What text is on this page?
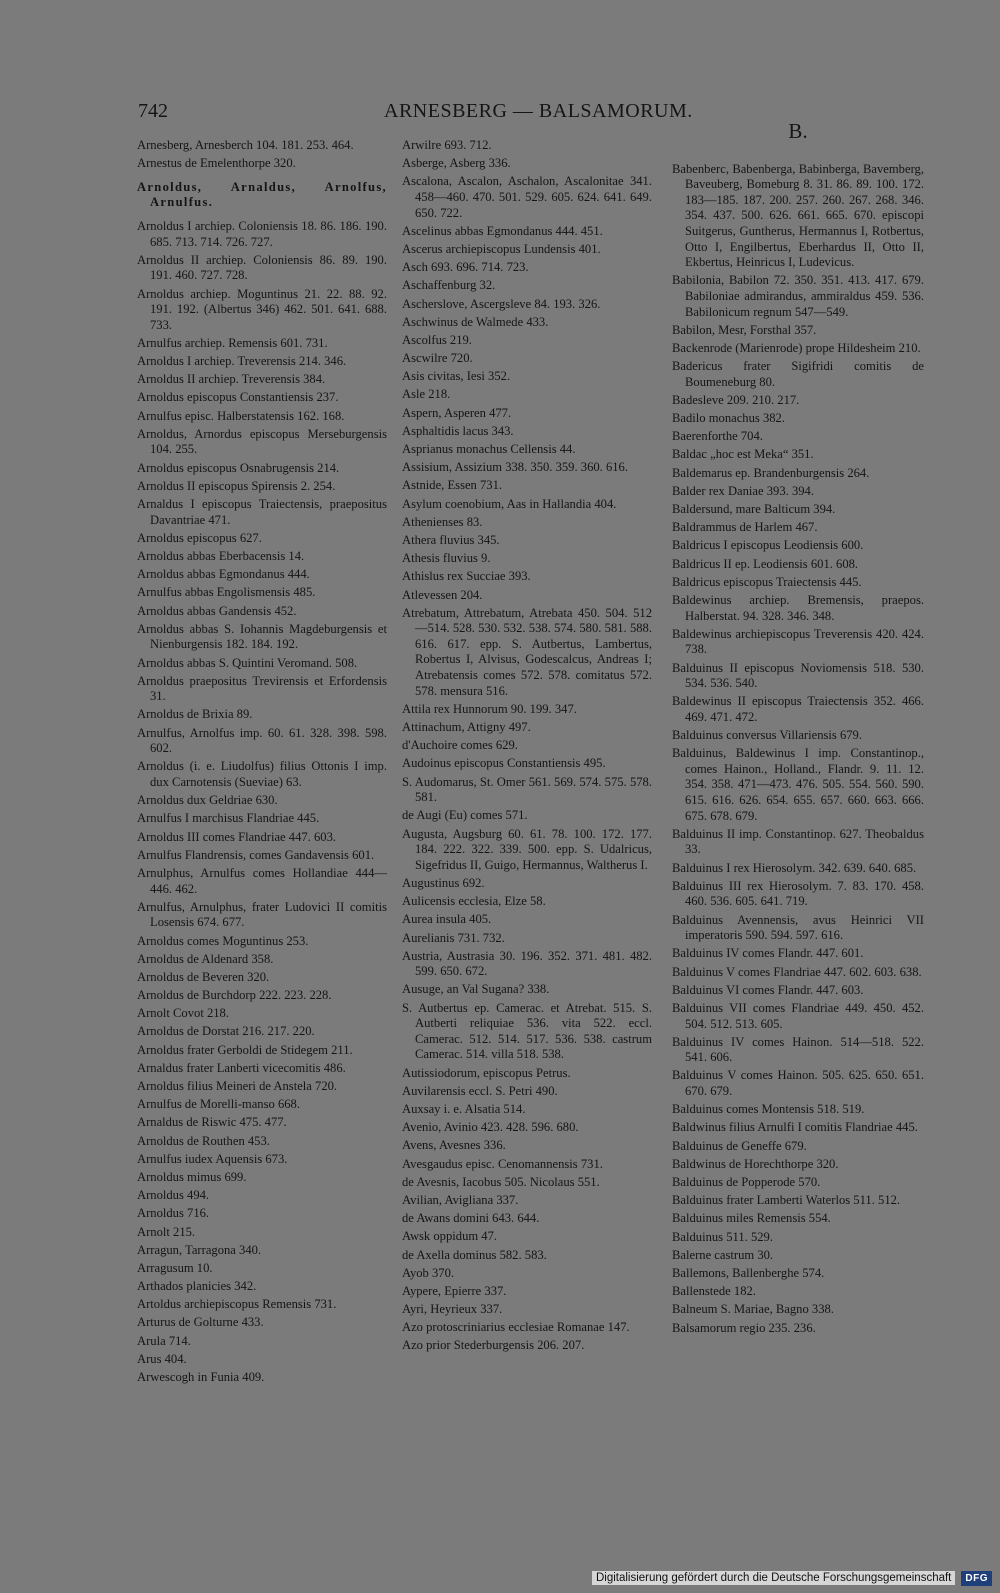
742	ARNESBERG — BALSAMORUM.
Arnesberg, Arnesberch 104. 181. 253. 464.
Arnestus de Emelenthorpe 320.
Arnoldus, Arnaldus, Arnolfus, Arnulfus.
Arnoldus I archiep. Coloniensis 18. 86. 186. 190. 685. 713. 714. 726. 727.
Arnoldus II archiep. Coloniensis 86. 89. 190. 191. 460. 727. 728.
Arnoldus archiep. Moguntinus 21. 22. 88. 92. 191. 192. (Albertus 346) 462. 501. 641. 688. 733.
Arnulfus archiep. Remensis 601. 731.
Arnoldus I archiep. Treverensis 214. 346.
Arnoldus II archiep. Treverensis 384.
Arnoldus episcopus Constantiensis 237.
Arnulfus episc. Halberstatensis 162. 168.
Arnoldus, Arnordus episcopus Merseburgensis 104. 255.
Arnoldus episcopus Osnabrugensis 214.
Arnoldus II episcopus Spirensis 2. 254.
Arnaldus I episcopus Traiectensis, praepositus Davantriae 471.
Arnoldus episcopus 627.
Arnoldus abbas Eberbacensis 14.
Arnoldus abbas Egmondanus 444.
Arnulfus abbas Engolismensis 485.
Arnoldus abbas Gandensis 452.
Arnoldus abbas S. Iohannis Magdeburgensis et Nienburgensis 182. 184. 192.
Arnoldus abbas S. Quintini Veromand. 508.
Arnoldus praepositus Trevirensis et Erfordensis 31.
Arnoldus de Brixia 89.
Arnulfus, Arnolfus imp. 60. 61. 328. 398. 598. 602.
Arnoldus (i. e. Liudolfus) filius Ottonis I imp. dux Carnotensis (Sueviae) 63.
Arnoldus dux Geldriae 630.
Arnulfus I marchisus Flandriae 445.
Arnoldus III comes Flandriae 447. 603.
Arnulfus Flandrensis, comes Gandavensis 601.
Arnulphus, Arnulfus comes Hollandiae 444—446. 462.
Arnulfus, Arnulphus, frater Ludovici II comitis Losensis 674. 677.
Arnoldus comes Moguntinus 253.
Arnoldus de Aldenard 358.
Arnoldus de Beveren 320.
Arnoldus de Burchdorp 222. 223. 228.
Arnolt Covot 218.
Arnoldus de Dorstat 216. 217. 220.
Arnoldus frater Gerboldi de Stidegem 211.
Arnaldus frater Lanberti vicecomitis 486.
Arnoldus filius Meineri de Anstela 720.
Arnulfus de Morelli-manso 668.
Arnaldus de Riswic 475. 477.
Arnoldus de Routhen 453.
Arnulfus iudex Aquensis 673.
Arnoldus mimus 699.
Arnoldus 494.
Arnoldus 716.
Arnolt 215.
Arragun, Tarragona 340.
Arragusum 10.
Arthados planicies 342.
Artoldus archiepiscopus Remensis 731.
Arturus de Golturne 433.
Arula 714.
Arus 404.
Arwescogh in Funia 409.
Arwilre 693. 712.
Asberge, Asberg 336.
Ascalona, Ascalon, Aschalon, Ascalonitae 341. 458—460. 470. 501. 529. 605. 624. 641. 649. 650. 722.
Ascelinus abbas Egmondanus 444. 451.
Ascerus archiepiscopus Lundensis 401.
Asch 693. 696. 714. 723.
Aschaffenburg 32.
Ascherslove, Ascergsleve 84. 193. 326.
Aschwinus de Walmede 433.
Ascolfus 219.
Ascwilre 720.
Asis civitas, Iesi 352.
Asle 218.
Aspern, Asperen 477.
Asphaltidis lacus 343.
Asprianus monachus Cellensis 44.
Assisium, Assizium 338. 350. 359. 360. 616.
Astnide, Essen 731.
Asylum coenobium, Aas in Hallandia 404.
Athenienses 83.
Athera fluvius 345.
Athesis fluvius 9.
Athislus rex Succiae 393.
Atlevessen 204.
Atrebatum, Attrebatum, Atrebata 450. 504. 512—514. 528. 530. 532. 538. 574. 580. 581. 588. 616. 617. epp. S. Autbertus, Lambertus, Robertus I, Alvisus, Godescalcus, Andreas I; Atrebatensis comes 572. 578. comitatus 572. 578. mensura 516.
Attila rex Hunnorum 90. 199. 347.
Attinachum, Attigny 497.
d'Auchoire comes 629.
Audoinus episcopus Constantiensis 495.
S. Audomarus, St. Omer 561. 569. 574. 575. 578. 581.
de Augi (Eu) comes 571.
Augusta, Augsburg 60. 61. 78. 100. 172. 177. 184. 222. 322. 339. 500. epp. S. Udalricus, Sigefridus II, Guigo, Hermannus, Waltherus I.
Augustinus 692.
Aulicensis ecclesia, Elze 58.
Aurea insula 405.
Aurelianis 731. 732.
Austria, Austrasia 30. 196. 352. 371. 481. 482. 599. 650. 672.
Ausuge, an Val Sugana? 338.
S. Autbertus ep. Camerac. et Atrebat. 515. S. Autberti reliquiae 536. vita 522. eccl. Camerac. 512. 514. 517. 536. 538. castrum Camerac. 514. villa 518. 538.
Autissiodorum, episcopus Petrus.
Auvilarensis eccl. S. Petri 490.
Auxsay i. e. Alsatia 514.
Avenio, Avinio 423. 428. 596. 680.
Avens, Avesnes 336.
Avesgaudus episc. Cenomannensis 731.
de Avesnis, Iacobus 505. Nicolaus 551.
Avilian, Avigliana 337.
de Awans domini 643. 644.
Awsk oppidum 47.
de Axella dominus 582. 583.
Ayob 370.
Aypere, Epierre 337.
Ayri, Heyrieux 337.
Azo protoscriniarius ecclesiae Romanae 147.
Azo prior Stederburgensis 206. 207.
B.
Babenberc, Babenberga, Babinberga, Bavemberg, Baveuberg, Bomeburg 8. 31. 86. 89. 100. 172. 183—185. 187. 200. 257. 260. 267. 268. 346. 354. 437. 500. 626. 661. 665. 670. episcopi Suitgerus, Guntherus, Hermannus I, Rotbertus, Otto I, Engilbertus, Eberhardus II, Otto II, Ekbertus, Heinricus I, Ludevicus.
Babilonia, Babilon 72. 350. 351. 413. 417. 679. Babiloniae admirandus, ammiraldus 459. 536. Babilonicum regnum 547—549.
Babilon, Mesr, Forsthal 357.
Backenrode (Marienrode) prope Hildesheim 210.
Badericus frater Sigifridi comitis de Boumeneburg 80.
Badesleve 209. 210. 217.
Badilo monachus 382.
Baerenforthe 704.
Baldac „hoc est Meka“ 351.
Baldemarus ep. Brandenburgensis 264.
Balder rex Daniae 393. 394.
Baldersund, mare Balticum 394.
Baldrammus de Harlem 467.
Baldricus I episcopus Leodiensis 600.
Baldricus II ep. Leodiensis 601. 608.
Baldricus episcopus Traiectensis 445.
Baldewinus archiep. Bremensis, praepos. Halberstat. 94. 328. 346. 348.
Baldewinus archiepiscopus Treverensis 420. 424. 738.
Balduinus II episcopus Noviomensis 518. 530. 534. 536. 540.
Baldewinus II episcopus Traiectensis 352. 466. 469. 471. 472.
Balduinus conversus Villariensis 679.
Balduinus, Baldewinus I imp. Constantinop., comes Hainon., Holland., Flandr. 9. 11. 12. 354. 358. 471—473. 476. 505. 554. 560. 590. 615. 616. 626. 654. 655. 657. 660. 663. 666. 675. 678. 679.
Balduinus II imp. Constantinop. 627. Theobaldus 33.
Balduinus I rex Hierosolym. 342. 639. 640. 685.
Balduinus III rex Hierosolym. 7. 83. 170. 458. 460. 536. 605. 641. 719.
Balduinus Avennensis, avus Heinrici VII imperatoris 590. 594. 597. 616.
Balduinus IV comes Flandr. 447. 601.
Balduinus V comes Flandriae 447. 602. 603. 638.
Balduinus VI comes Flandr. 447. 603.
Balduinus VII comes Flandriae 449. 450. 452. 504. 512. 513. 605.
Balduinus IV comes Hainon. 514—518. 522. 541. 606.
Balduinus V comes Hainon. 505. 625. 650. 651. 670. 679.
Balduinus comes Montensis 518. 519.
Baldwinus filius Arnulfi I comitis Flandriae 445.
Balduinus de Geneffe 679.
Baldwinus de Horechthorpe 320.
Balduinus de Popperode 570.
Balduinus frater Lamberti Waterlos 511. 512.
Balduinus miles Remensis 554.
Balduinus 511. 529.
Balerne castrum 30.
Ballemons, Ballenberghe 574.
Ballenstede 182.
Balneum S. Mariae, Bagno 338.
Balsamorum regio 235. 236.
Digitalisierung gefördert durch die Deutsche Forschungsgemeinschaft	DFG
